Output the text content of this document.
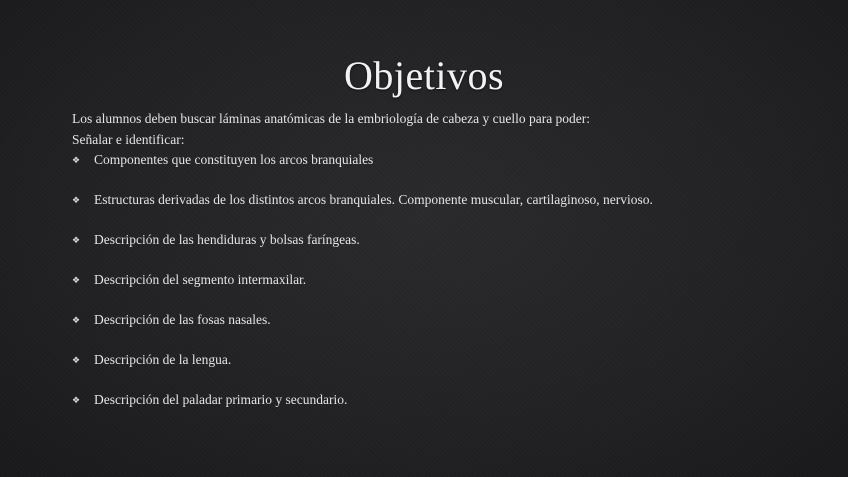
Objetivos
Los alumnos deben buscar láminas anatómicas de la embriología de cabeza y cuello para poder:
Señalar e identificar:
❖	Componentes que constituyen los arcos branquiales
❖	Estructuras derivadas de los distintos arcos branquiales. Componente muscular, cartilaginoso, nervioso.
❖	Descripción de las hendiduras y bolsas faríngeas.
❖	Descripción del segmento intermaxilar.
❖	Descripción de las fosas nasales.
❖	Descripción de la lengua.
❖	Descripción del paladar primario y secundario.
